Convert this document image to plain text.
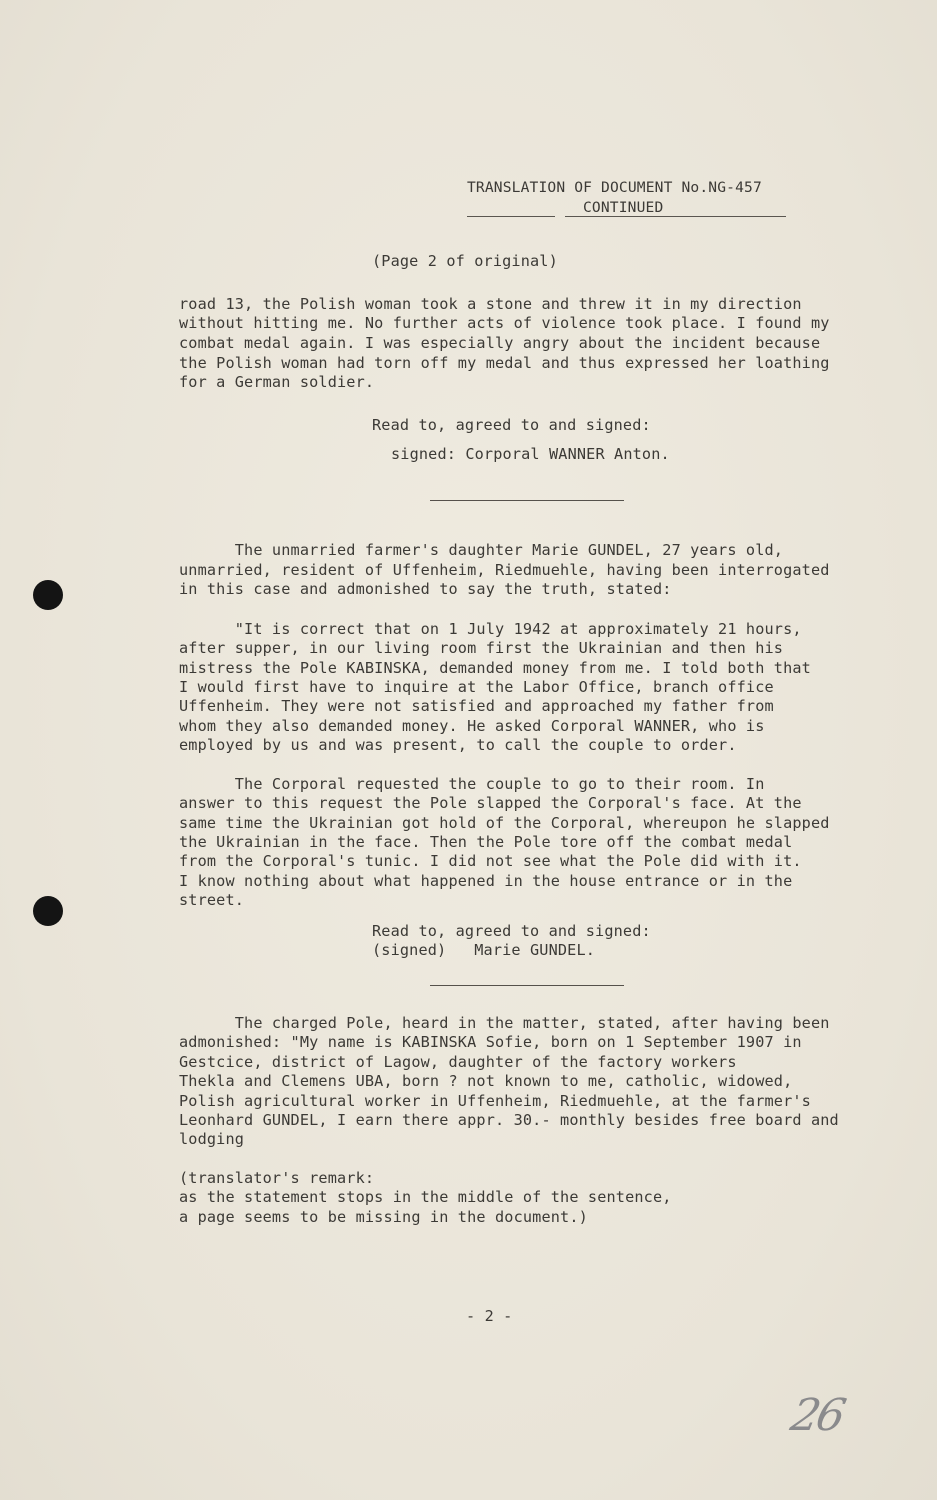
TRANSLATION OF DOCUMENT No.NG-457
CONTINUED
(Page 2 of original)
road 13, the Polish woman took a stone and threw it in my direction
without hitting me. No further acts of violence took place. I found my
combat medal again. I was especially angry about the incident because
the Polish woman had torn off my medal and thus expressed her loathing
for a German soldier.
Read to, agreed to and signed:
signed: Corporal WANNER Anton.
The unmarried farmer's daughter Marie GUNDEL, 27 years old,
unmarried, resident of Uffenheim, Riedmuehle, having been interrogated
in this case and admonished to say the truth, stated:
"It is correct that on 1 July 1942 at approximately 21 hours,
after supper, in our living room first the Ukrainian and then his
mistress the Pole KABINSKA, demanded money from me. I told both that
I would first have to inquire at the Labor Office, branch office
Uffenheim. They were not satisfied and approached my father from
whom they also demanded money. He asked Corporal WANNER, who is
employed by us and was present, to call the couple to order.
The Corporal requested the couple to go to their room. In
answer to this request the Pole slapped the Corporal's face. At the
same time the Ukrainian got hold of the Corporal, whereupon he slapped
the Ukrainian in the face. Then the Pole tore off the combat medal
from the Corporal's tunic. I did not see what the Pole did with it.
I know nothing about what happened in the house entrance or in the
street.
Read to, agreed to and signed:
(signed)   Marie GUNDEL.
The charged Pole, heard in the matter, stated, after having been
admonished: "My name is KABINSKA Sofie, born on 1 September 1907 in
Gestcice, district of Lagow, daughter of the factory workers
Thekla and Clemens UBA, born ? not known to me, catholic, widowed,
Polish agricultural worker in Uffenheim, Riedmuehle, at the farmer's
Leonhard GUNDEL, I earn there appr. 30.- monthly besides free board and
lodging
(translator's remark:
as the statement stops in the middle of the sentence,
a page seems to be missing in the document.)
- 2 -
26
